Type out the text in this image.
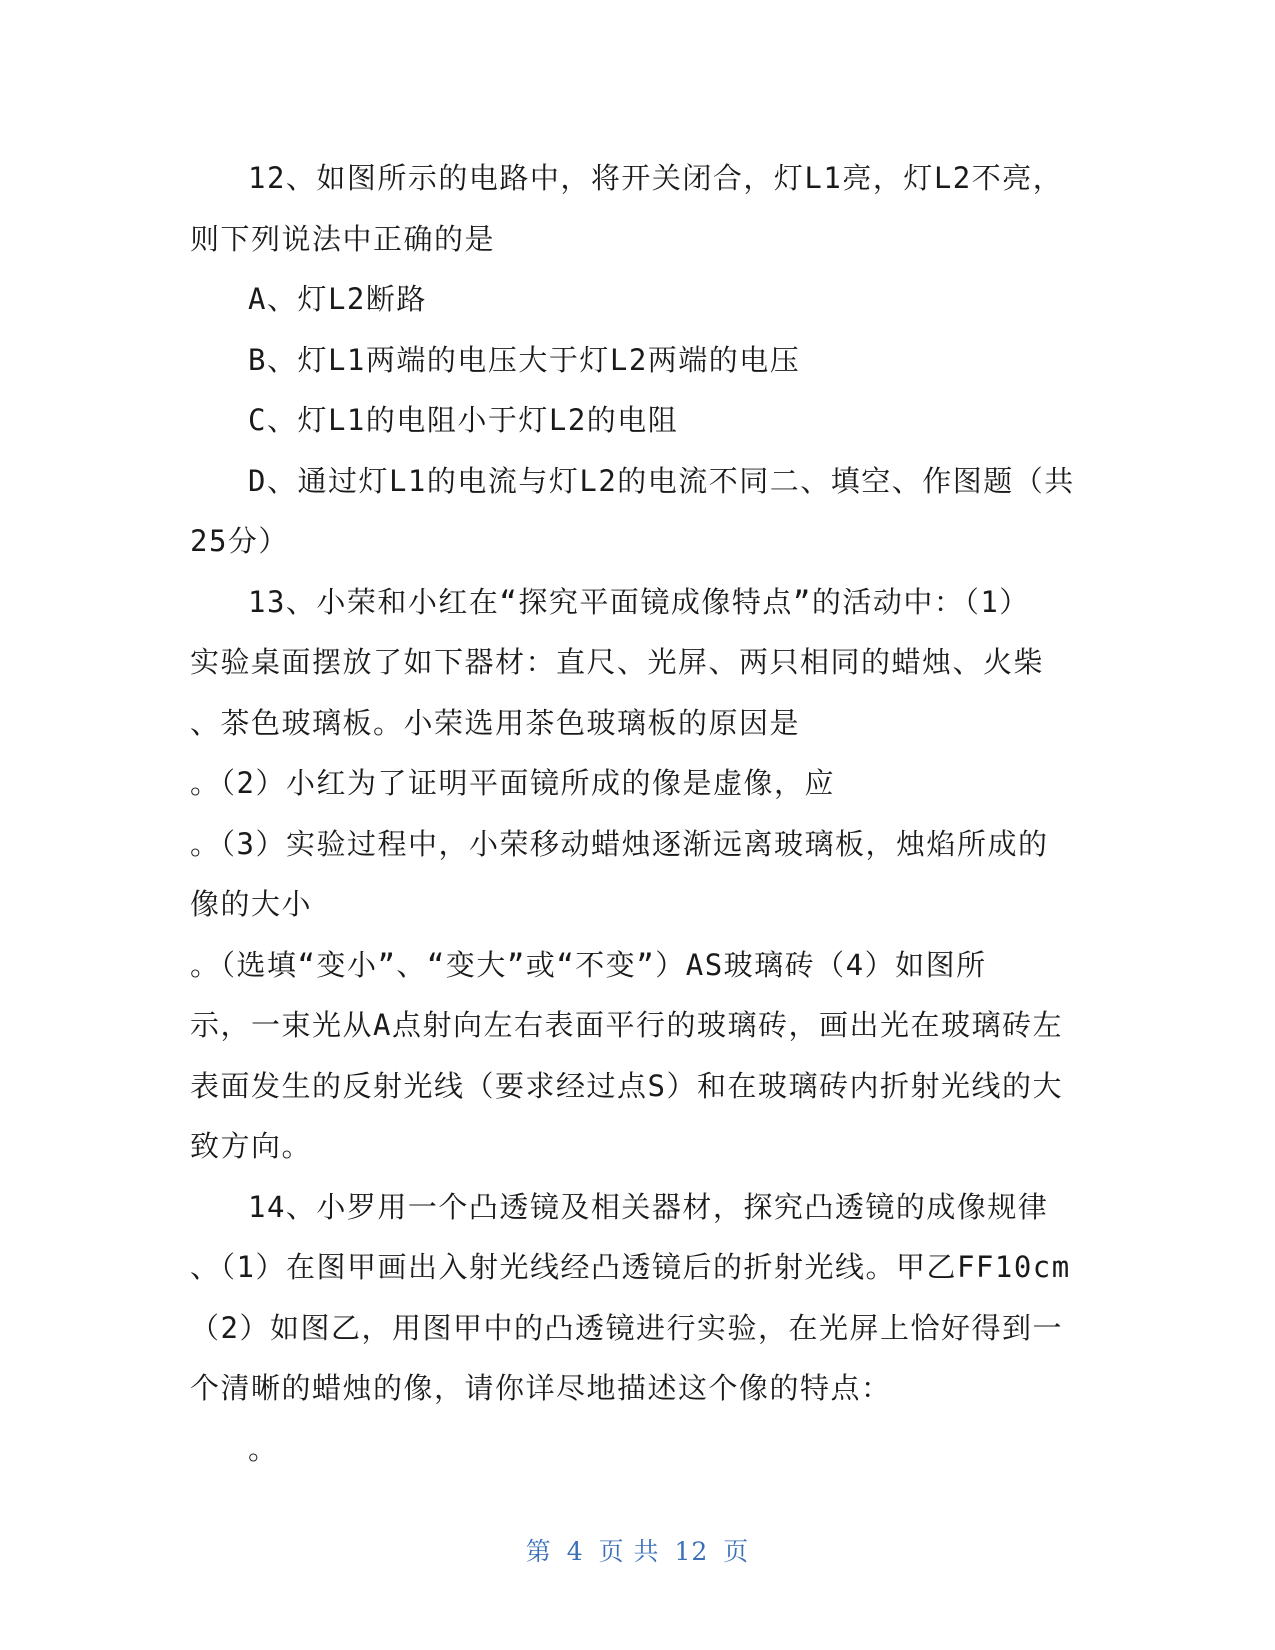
12、如图所示的电路中，将开关闭合，灯L1亮，灯L2不亮，
则下列说法中正确的是
A、灯L2断路
B、灯L1两端的电压大于灯L2两端的电压
C、灯L1的电阻小于灯L2的电阻
D、通过灯L1的电流与灯L2的电流不同二、填空、作图题（共
25分）
13、小荣和小红在“探究平面镜成像特点”的活动中：（1）
实验桌面摆放了如下器材：直尺、光屏、两只相同的蜡烛、火柴
、茶色玻璃板。小荣选用茶色玻璃板的原因是
。（2）小红为了证明平面镜所成的像是虚像，应
。（3）实验过程中，小荣移动蜡烛逐渐远离玻璃板，烛焰所成的
像的大小
。（选填“变小”、“变大”或“不变”）AS玻璃砖（4）如图所
示，一束光从A点射向左右表面平行的玻璃砖，画出光在玻璃砖左
表面发生的反射光线（要求经过点S）和在玻璃砖内折射光线的大
致方向。
14、小罗用一个凸透镜及相关器材，探究凸透镜的成像规律
、（1）在图甲画出入射光线经凸透镜后的折射光线。甲乙FF10cm
（2）如图乙，用图甲中的凸透镜进行实验，在光屏上恰好得到一
个清晰的蜡烛的像，请你详尽地描述这个像的特点：
。
第 4 页 共 12 页
